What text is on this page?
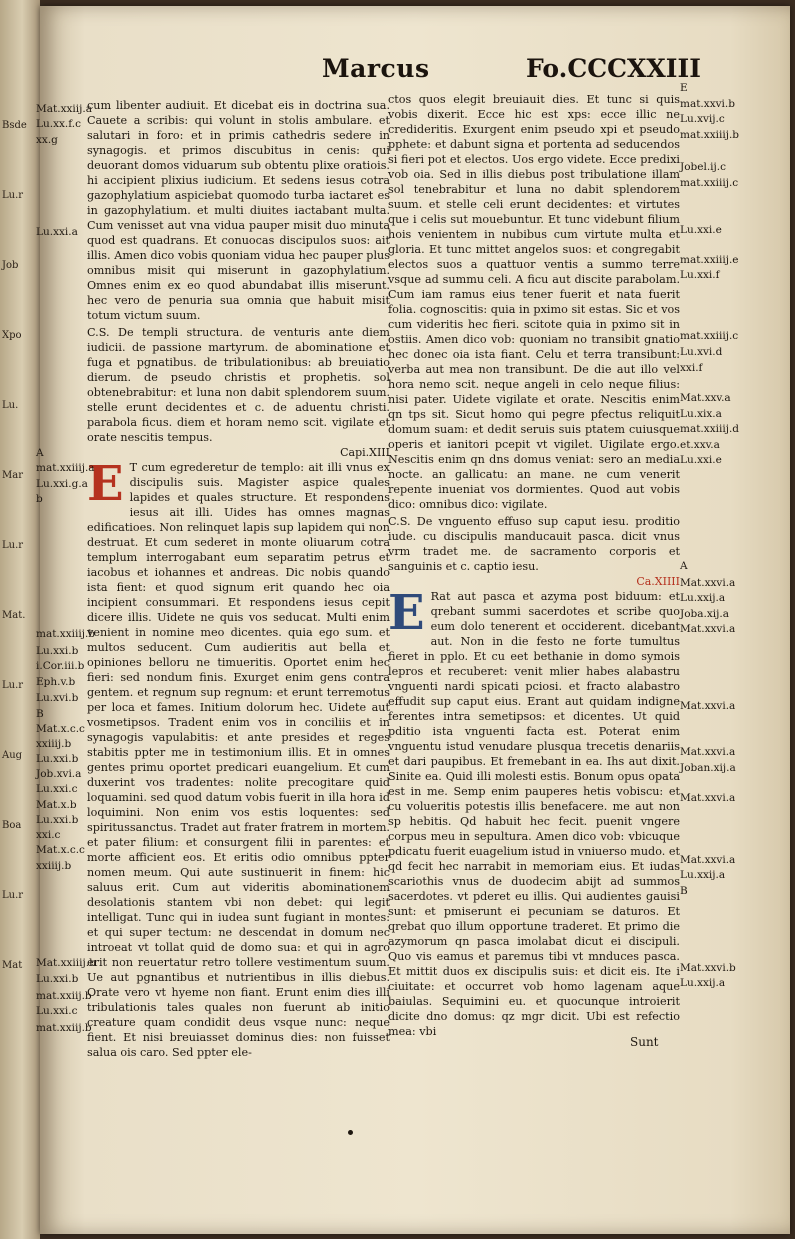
Bsde
Lu.r
Job
Xpo
Lu.
Mar
Lu.r
Mat.
Lu.r
Aug
Boa
Lu.r
Mat
Marcus	Fo.CCCXXIII

cum libenter audiuit. Et dicebat eis in doctrina sua. Cauete a scribis: qui volunt in stolis ambulare. et salutari in foro: et in primis cathedris sedere in synagogis. et primos discubitus in cenis: qui deuorant domos viduarum sub obtentu plixe oratiois. hi accipient plixius iudicium. Et sedens iesus cotra gazophylatium aspiciebat quomodo turba iactaret es in gazophylatium. et multi diuites iactabant multa. Cum venisset aut vna vidua pauper misit duo minuta quod est quadrans. Et conuocas discipulos suos: ait illis. Amen dico vobis quoniam vidua hec pauper plus omnibus misit qui miserunt in gazophylatium. Omnes enim ex eo quod abundabat illis miserunt. hec vero de penuria sua omnia que habuit misit totum victum suum.

C.S. De templi structura. de venturis ante diem iudicii. de passione martyrum. de abominatione et fuga et pgnatibus. de tribulationibus: ab breuiatio dierum. de pseudo christis et prophetis. sol obtenebrabitur: et luna non dabit splendorem suum. stelle erunt decidentes et c. de aduentu christi. parabola ficus. diem et horam nemo scit. vigilate et orate nescitis tempus.

Capi.XIII

E T cum egrederetur de templo: ait illi vnus ex discipulis suis. Magister aspice quales lapides et quales structure. Et respondens iesus ait illi. Uides has omnes magnas edificatioes. Non relinquet lapis sup lapidem qui non destruat. Et cum sederet in monte oliuarum cotra templum interrogabant eum separatim petrus et iacobus et iohannes et andreas. Dic nobis quando ista fient: et quod signum erit quando hec oia incipient consummari. Et respondens iesus cepit dicere illis. Uidete ne quis vos seducat. Multi enim venient in nomine meo dicentes. quia ego sum. et multos seducent. Cum audieritis aut bella et opiniones belloru ne timueritis. Oportet enim hec fieri: sed nondum finis. Exurget enim gens contra gentem. et regnum sup regnum: et erunt terremotus per loca et fames. Initium dolorum hec. Uidete aut vosmetipsos. Tradent enim vos in conciliis et in synagogis vapulabitis: et ante presides et reges stabitis ppter me in testimonium illis. Et in omnes gentes primu oportet predicari euangelium. Et cum duxerint vos tradentes: nolite precogitare quid loquamini. sed quod datum vobis fuerit in illa hora id loquimini. Non enim vos estis loquentes: sed spiritussanctus. Tradet aut frater fratrem in mortem. et pater filium: et consurgent filii in parentes: et morte afficient eos. Et eritis odio omnibus ppter nomen meum. Qui aute sustinuerit in finem: hic saluus erit. Cum aut videritis abominationem desolationis stantem vbi non debet: qui legit intelligat. Tunc qui in iudea sunt fugiant in montes: et qui super tectum: ne descendat in domum nec introeat vt tollat quid de domo sua: et qui in agro erit non reuertatur retro tollere vestimentum suum. Ue aut pgnantibus et nutrientibus in illis diebus. Orate vero vt hyeme non fiant. Erunt enim dies illi tribulationis tales quales non fuerunt ab initio creature quam condidit deus vsque nunc: neque fient. Et nisi breuiasset dominus dies: non fuisset salua ois caro. Sed ppter ele-

ctos quos elegit breuiauit dies. Et tunc si quis vobis dixerit. Ecce hic est xps: ecce illic ne credideritis. Exurgent enim pseudo xpi et pseudo pphete: et dabunt signa et portenta ad seducendos si fieri pot et electos. Uos ergo videte. Ecce predixi vob oia. Sed in illis diebus post tribulatione illam sol tenebrabitur et luna no dabit splendorem suum. et stelle celi erunt decidentes: et virtutes que i celis sut mouebuntur. Et tunc videbunt filium hois venientem in nubibus cum virtute multa et gloria. Et tunc mittet angelos suos: et congregabit electos suos a quattuor ventis a summo terre vsque ad summu celi. A ficu aut discite parabolam. Cum iam ramus eius tener fuerit et nata fuerit folia. cognoscitis: quia in pximo sit estas. Sic et vos cum videritis hec fieri. scitote quia in pximo sit in ostiis. Amen dico vob: quoniam no transibit gnatio hec donec oia ista fiant. Celu et terra transibunt: verba aut mea non transibunt. De die aut illo vel hora nemo scit. neque angeli in celo neque filius: nisi pater. Uidete vigilate et orate. Nescitis enim qn tps sit. Sicut homo qui pegre pfectus reliquit domum suam: et dedit seruis suis ptatem cuiusque operis et ianitori pcepit vt vigilet. Uigilate ergo. Nescitis enim qn dns domus veniat: sero an media nocte. an gallicatu: an mane. ne cum venerit repente inueniat vos dormientes. Quod aut vobis dico: omnibus dico: vigilate.

C.S. De vnguento effuso sup caput iesu. proditio iude. cu discipulis manducauit pasca. dicit vnus vrm tradet me. de sacramento corporis et sanguinis et c. captio iesu.

Ca.XIIII

E Rat aut pasca et azyma post biduum: et qrebant summi sacerdotes et scribe quo eum dolo tenerent et occiderent. dicebant aut. Non in die festo ne forte tumultus fieret in pplo. Et cu eet bethanie in domo symois lepros et recuberet: venit mlier habes alabastru vnguenti nardi spicati pciosi. et fracto alabastro effudit sup caput eius. Erant aut quidam indigne ferentes intra semetipsos: et dicentes. Ut quid pditio ista vnguenti facta est. Poterat enim vnguentu istud venudare plusqua trecetis denariis et dari paupibus. Et fremebant in ea. Ihs aut dixit. Sinite ea. Quid illi molesti estis. Bonum opus opata est in me. Semp enim pauperes hetis vobiscu: et cu volueritis potestis illis benefacere. me aut non sp hebitis. Qd habuit hec fecit. puenit vngere corpus meu in sepultura. Amen dico vob: vbicuque pdicatu fuerit euagelium istud in vniuerso mudo. et qd fecit hec narrabit in memoriam eius. Et iudas scariothis vnus de duodecim abijt ad summos sacerdotes. vt pderet eu illis. Qui audientes gauisi sunt: et pmiserunt ei pecuniam se daturos. Et qrebat quo illum opportune traderet. Et primo die azymorum qn pasca imolabat dicut ei discipuli. Quo vis eamus et paremus tibi vt mnduces pasca. Et mittit duos ex discipulis suis: et dicit eis. Ite i ciuitate: et occurret vob homo lagenam aque baiulas. Sequimini eu. et quocunque introierit dicite dno domus: qz mgr dicit. Ubi est refectio mea: vbi

Mat.xxiij.a
Lu.xx.f.c
xx.g
Lu.xxi.a
A
mat.xxiiij.a
Lu.xxi.g.a
b
mat.xxiiij.b
Lu.xxi.b
i.Cor.iii.b
Eph.v.b
Lu.xvi.b
B
Mat.x.c.c
xxiiij.b
Lu.xxi.b
Job.xvi.a
Lu.xxi.c
Mat.x.b
Lu.xxi.b
xxi.c
Mat.x.c.c
xxiiij.b
Mat.xxiiij.b
Lu.xxi.b
mat.xxiij.b
Lu.xxi.c
mat.xxiij.b
E
mat.xxvi.b
Lu.xvij.c
mat.xxiiij.b
Jobel.ij.c
mat.xxiiij.c
Lu.xxi.e
mat.xxiiij.e
Lu.xxi.f
mat.xxiiij.c
Lu.xvi.d
xxi.f
Mat.xxv.a
Lu.xix.a
mat.xxiiij.d
et.xxv.a
Lu.xxi.e
A
Mat.xxvi.a
Lu.xxij.a
Joba.xij.a
Mat.xxvi.a
Mat.xxvi.a
Mat.xxvi.a
Joban.xij.a
Mat.xxvi.a
Mat.xxvi.a
Lu.xxij.a
B
Mat.xxvi.b
Lu.xxij.a
Sunt
